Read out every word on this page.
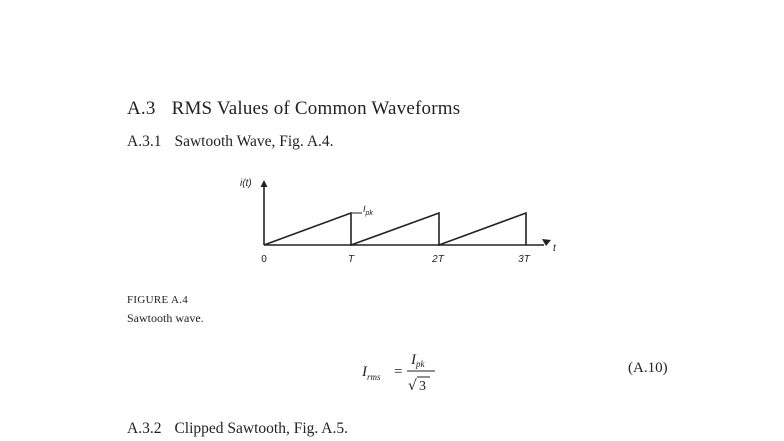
A.3 RMS Values of Common Waveforms
A.3.1 Sawtooth Wave, Fig. A.4.
i(t)
t
$I_{pk}$
0	T	2T	3T
FIGURE A.4
Sawtooth wave.
$I_{rms}$ =
$I_{pk}$
√ 3
(A.10)
A.3.2 Clipped Sawtooth, Fig. A.5.
